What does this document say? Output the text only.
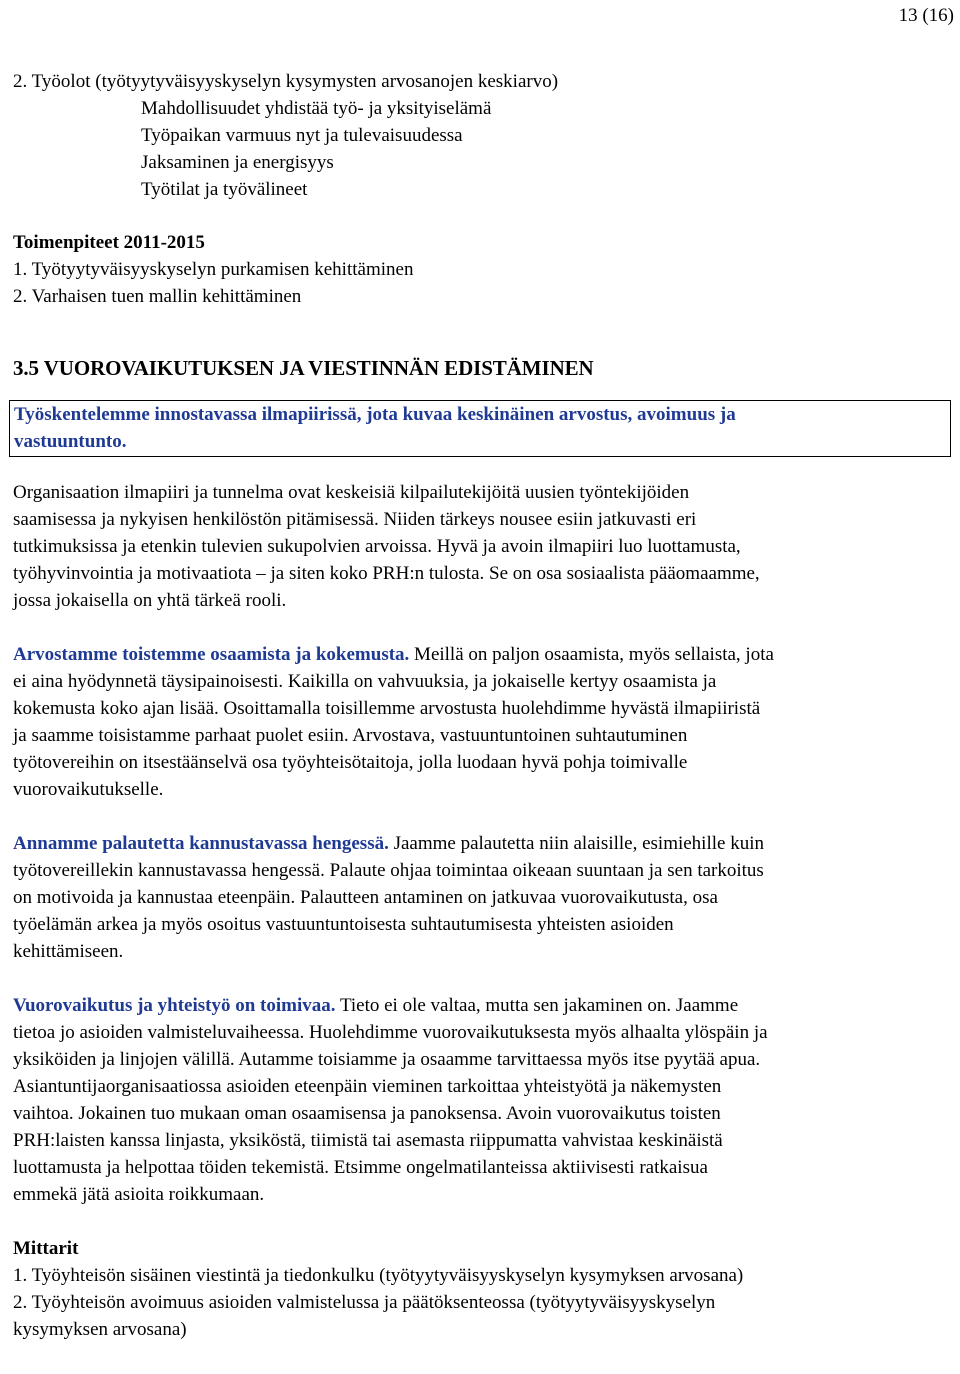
13 (16)
2. Työolot (työtyytyväisyyskyselyn kysymysten arvosanojen keskiarvo)
Mahdollisuudet yhdistää työ- ja yksityiselämä
Työpaikan varmuus nyt ja tulevaisuudessa
Jaksaminen ja energisyys
Työtilat ja työvälineet
Toimenpiteet 2011-2015
1. Työtyytyväisyyskyselyn purkamisen kehittäminen
2. Varhaisen tuen mallin kehittäminen
3.5 VUOROVAIKUTUKSEN JA VIESTINNÄN EDISTÄMINEN
Työskentelemme innostavassa ilmapiirissä, jota kuvaa keskinäinen arvostus, avoimuus ja
vastuuntunto.
Organisaation ilmapiiri ja tunnelma ovat keskeisiä kilpailutekijöitä uusien työntekijöiden
saamisessa ja nykyisen henkilöstön pitämisessä. Niiden tärkeys nousee esiin jatkuvasti eri
tutkimuksissa ja etenkin tulevien sukupolvien arvoissa. Hyvä ja avoin ilmapiiri luo luottamusta,
työhyvinvointia ja motivaatiota – ja siten koko PRH:n tulosta. Se on osa sosiaalista pääomaamme,
jossa jokaisella on yhtä tärkeä rooli.
Arvostamme toistemme osaamista ja kokemusta. Meillä on paljon osaamista, myös sellaista, jota
ei aina hyödynnetä täysipainoisesti. Kaikilla on vahvuuksia, ja jokaiselle kertyy osaamista ja
kokemusta koko ajan lisää. Osoittamalla toisillemme arvostusta huolehdimme hyvästä ilmapiiristä
ja saamme toisistamme parhaat puolet esiin. Arvostava, vastuuntuntoinen suhtautuminen
työtovereihin on itsestäänselvä osa työyhteisötaitoja, jolla luodaan hyvä pohja toimivalle
vuorovaikutukselle.
Annamme palautetta kannustavassa hengessä. Jaamme palautetta niin alaisille, esimiehille kuin
työtovereillekin kannustavassa hengessä. Palaute ohjaa toimintaa oikeaan suuntaan ja sen tarkoitus
on motivoida ja kannustaa eteenpäin. Palautteen antaminen on jatkuvaa vuorovaikutusta, osa
työelämän arkea ja myös osoitus vastuuntuntoisesta suhtautumisesta yhteisten asioiden
kehittämiseen.
Vuorovaikutus ja yhteistyö on toimivaa. Tieto ei ole valtaa, mutta sen jakaminen on. Jaamme
tietoa jo asioiden valmisteluvaiheessa. Huolehdimme vuorovaikutuksesta myös alhaalta ylöspäin ja
yksiköiden ja linjojen välillä. Autamme toisiamme ja osaamme tarvittaessa myös itse pyytää apua.
Asiantuntijaorganisaatiossa asioiden eteenpäin vieminen tarkoittaa yhteistyötä ja näkemysten
vaihtoa. Jokainen tuo mukaan oman osaamisensa ja panoksensa. Avoin vuorovaikutus toisten
PRH:laisten kanssa linjasta, yksiköstä, tiimistä tai asemasta riippumatta vahvistaa keskinäistä
luottamusta ja helpottaa töiden tekemistä. Etsimme ongelmatilanteissa aktiivisesti ratkaisua
emmekä jätä asioita roikkumaan.
Mittarit
1. Työyhteisön sisäinen viestintä ja tiedonkulku (työtyytyväisyyskyselyn kysymyksen arvosana)
2. Työyhteisön avoimuus asioiden valmistelussa ja päätöksenteossa (työtyytyväisyyskyselyn
kysymyksen arvosana)
